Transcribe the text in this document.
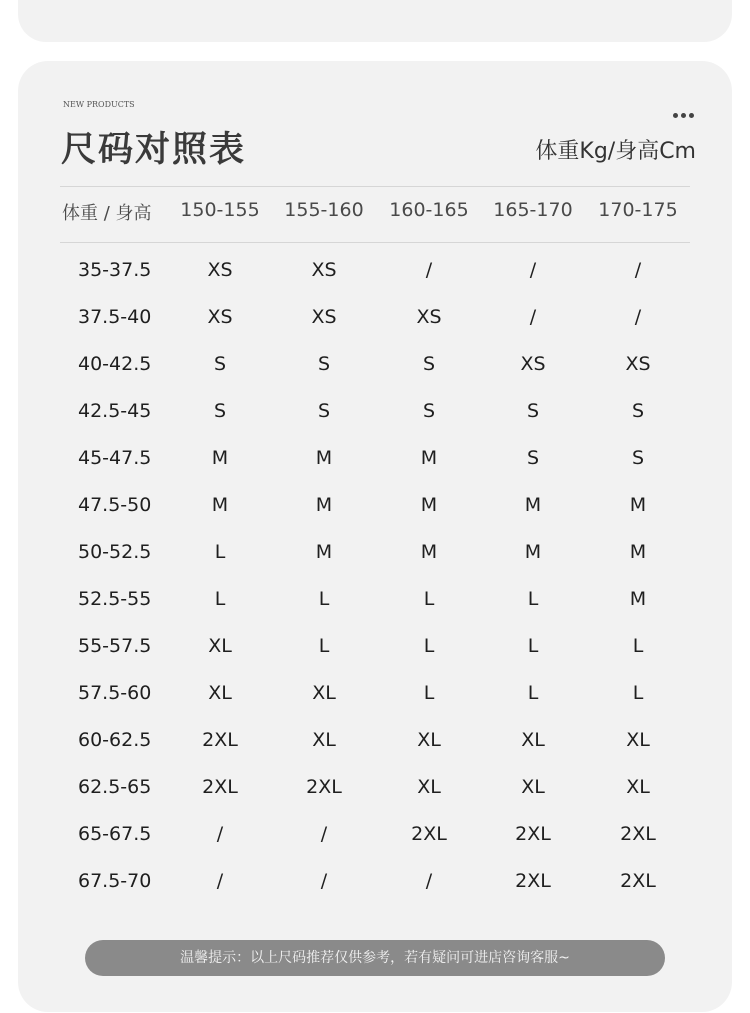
NEW PRODUCTS
尺码对照表	体重Kg/身高Cm
体重 / 身高	150-155	155-160	160-165	165-170	170-175
35-37.5	XS	XS	/	/	/
37.5-40	XS	XS	XS	/	/
40-42.5	S	S	S	XS	XS
42.5-45	S	S	S	S	S
45-47.5	M	M	M	S	S
47.5-50	M	M	M	M	M
50-52.5	L	M	M	M	M
52.5-55	L	L	L	L	M
55-57.5	XL	L	L	L	L
57.5-60	XL	XL	L	L	L
60-62.5	2XL	XL	XL	XL	XL
62.5-65	2XL	2XL	XL	XL	XL
65-67.5	/	/	2XL	2XL	2XL
67.5-70	/	/	/	2XL	2XL
温馨提示：以上尺码推荐仅供参考，若有疑问可进店咨询客服~
